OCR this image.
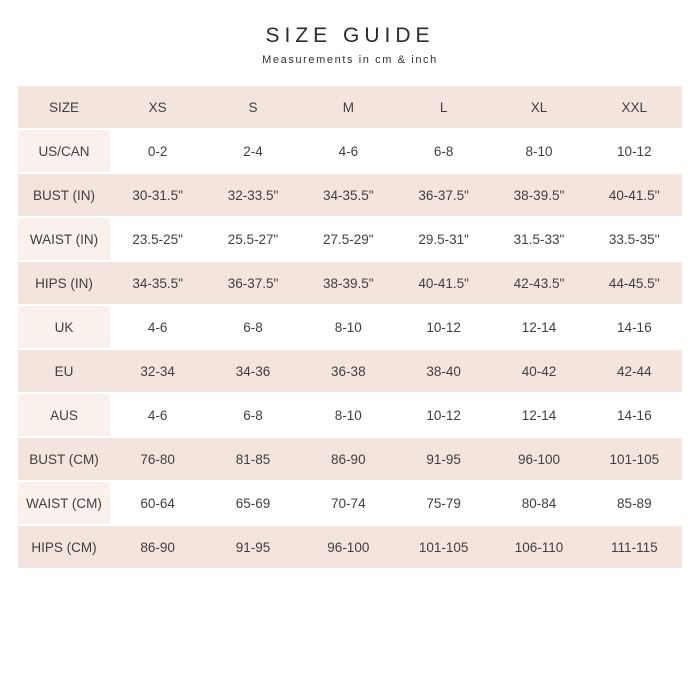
SIZE GUIDE
Measurements in cm & inch
SIZE	XS	S	M	L	XL	XXL
US/CAN	0-2	2-4	4-6	6-8	8-10	10-12
BUST (IN)	30-31.5"	32-33.5"	34-35.5"	36-37.5"	38-39.5"	40-41.5''
WAIST (IN)	23.5-25"	25.5-27"	27.5-29"	29.5-31"	31.5-33"	33.5-35''
HIPS (IN)	34-35.5"	36-37.5"	38-39.5"	40-41.5"	42-43.5"	44-45.5''
UK	4-6	6-8	8-10	10-12	12-14	14-16
EU	32-34	34-36	36-38	38-40	40-42	42-44
AUS	4-6	6-8	8-10	10-12	12-14	14-16
BUST (CM)	76-80	81-85	86-90	91-95	96-100	101-105
WAIST (CM)	60-64	65-69	70-74	75-79	80-84	85-89
HIPS (CM)	86-90	91-95	96-100	101-105	106-110	111-115
